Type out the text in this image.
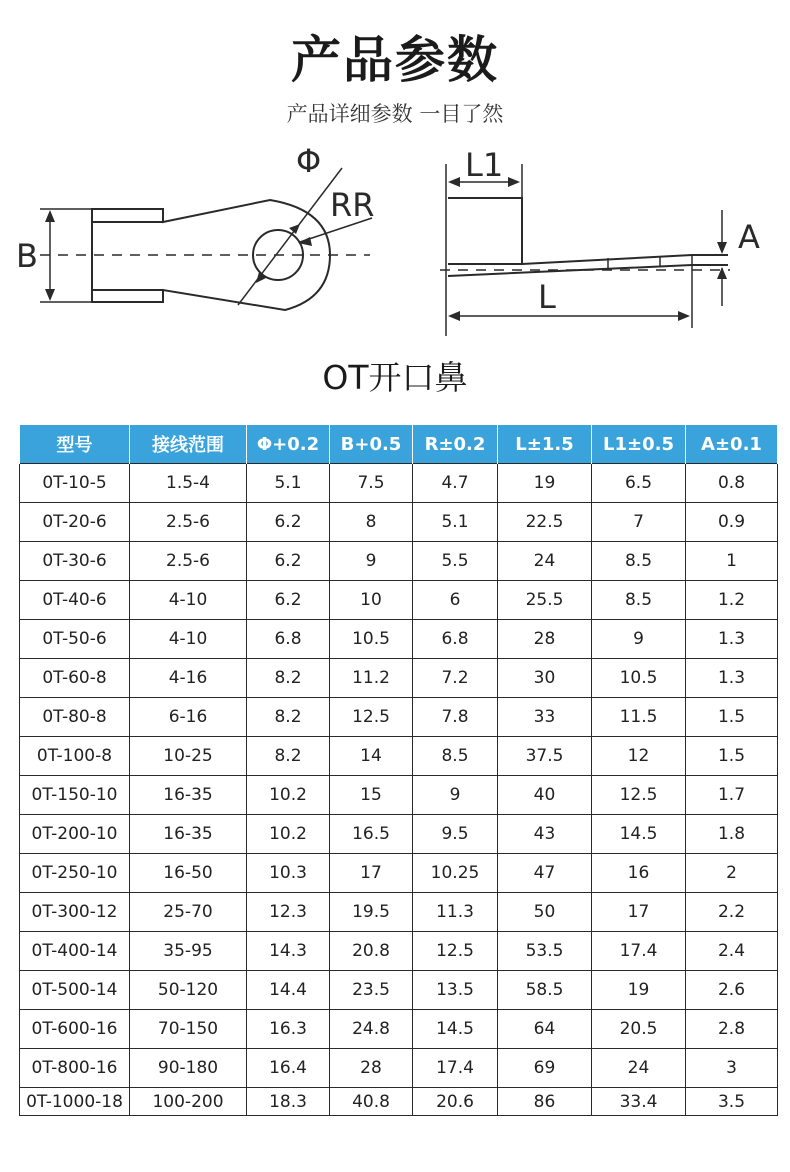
产品参数
产品详细参数 一目了然
B
Φ
RR
L1
A
L
OT开口鼻
型号	接线范围	Φ+0.2	B+0.5	R±0.2	L±1.5	L1±0.5	A±0.1
0T-10-5	1.5-4	5.1	7.5	4.7	19	6.5	0.8
0T-20-6	2.5-6	6.2	8	5.1	22.5	7	0.9
0T-30-6	2.5-6	6.2	9	5.5	24	8.5	1
0T-40-6	4-10	6.2	10	6	25.5	8.5	1.2
0T-50-6	4-10	6.8	10.5	6.8	28	9	1.3
0T-60-8	4-16	8.2	11.2	7.2	30	10.5	1.3
0T-80-8	6-16	8.2	12.5	7.8	33	11.5	1.5
0T-100-8	10-25	8.2	14	8.5	37.5	12	1.5
0T-150-10	16-35	10.2	15	9	40	12.5	1.7
0T-200-10	16-35	10.2	16.5	9.5	43	14.5	1.8
0T-250-10	16-50	10.3	17	10.25	47	16	2
0T-300-12	25-70	12.3	19.5	11.3	50	17	2.2
0T-400-14	35-95	14.3	20.8	12.5	53.5	17.4	2.4
0T-500-14	50-120	14.4	23.5	13.5	58.5	19	2.6
0T-600-16	70-150	16.3	24.8	14.5	64	20.5	2.8
0T-800-16	90-180	16.4	28	17.4	69	24	3
0T-1000-18	100-200	18.3	40.8	20.6	86	33.4	3.5
